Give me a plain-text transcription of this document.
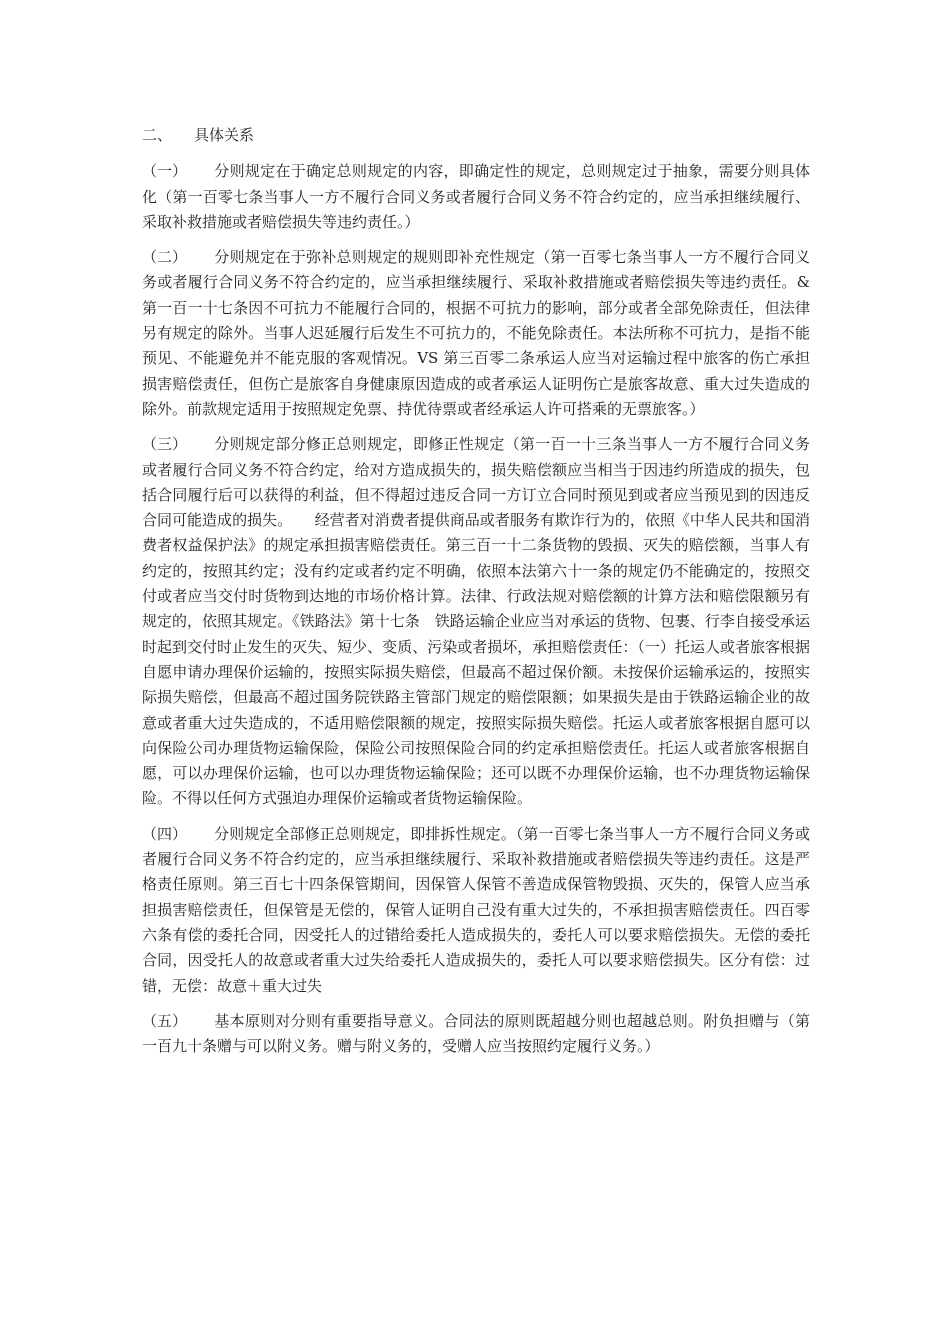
二、 具体关系

（一） 分则规定在于确定总则规定的内容，即确定性的规定，总则规定过于抽象，需要分则具体化（第一百零七条当事人一方不履行合同义务或者履行合同义务不符合约定的，应当承担继续履行、采取补救措施或者赔偿损失等违约责任。）

（二） 分则规定在于弥补总则规定的规则即补充性规定（第一百零七条当事人一方不履行合同义务或者履行合同义务不符合约定的，应当承担继续履行、采取补救措施或者赔偿损失等违约责任。&第一百一十七条因不可抗力不能履行合同的，根据不可抗力的影响，部分或者全部免除责任，但法律另有规定的除外。当事人迟延履行后发生不可抗力的，不能免除责任。本法所称不可抗力，是指不能预见、不能避免并不能克服的客观情况。VS 第三百零二条承运人应当对运输过程中旅客的伤亡承担损害赔偿责任，但伤亡是旅客自身健康原因造成的或者承运人证明伤亡是旅客故意、重大过失造成的除外。前款规定适用于按照规定免票、持优待票或者经承运人许可搭乘的无票旅客。）

（三） 分则规定部分修正总则规定，即修正性规定（第一百一十三条当事人一方不履行合同义务或者履行合同义务不符合约定，给对方造成损失的，损失赔偿额应当相当于因违约所造成的损失，包括合同履行后可以获得的利益，但不得超过违反合同一方订立合同时预见到或者应当预见到的因违反合同可能造成的损失。　　经营者对消费者提供商品或者服务有欺诈行为的，依照《中华人民共和国消费者权益保护法》的规定承担损害赔偿责任。第三百一十二条货物的毁损、灭失的赔偿额，当事人有约定的，按照其约定；没有约定或者约定不明确，依照本法第六十一条的规定仍不能确定的，按照交付或者应当交付时货物到达地的市场价格计算。法律、行政法规对赔偿额的计算方法和赔偿限额另有规定的，依照其规定。《铁路法》第十七条　铁路运输企业应当对承运的货物、包裹、行李自接受承运时起到交付时止发生的灭失、短少、变质、污染或者损坏，承担赔偿责任：（一）托运人或者旅客根据自愿申请办理保价运输的，按照实际损失赔偿，但最高不超过保价额。未按保价运输承运的，按照实际损失赔偿，但最高不超过国务院铁路主管部门规定的赔偿限额；如果损失是由于铁路运输企业的故意或者重大过失造成的，不适用赔偿限额的规定，按照实际损失赔偿。托运人或者旅客根据自愿可以向保险公司办理货物运输保险，保险公司按照保险合同的约定承担赔偿责任。托运人或者旅客根据自愿，可以办理保价运输，也可以办理货物运输保险；还可以既不办理保价运输，也不办理货物运输保险。不得以任何方式强迫办理保价运输或者货物运输保险。

（四） 分则规定全部修正总则规定，即排拆性规定。（第一百零七条当事人一方不履行合同义务或者履行合同义务不符合约定的，应当承担继续履行、采取补救措施或者赔偿损失等违约责任。这是严格责任原则。第三百七十四条保管期间，因保管人保管不善造成保管物毁损、灭失的，保管人应当承担损害赔偿责任，但保管是无偿的，保管人证明自己没有重大过失的，不承担损害赔偿责任。四百零六条有偿的委托合同，因受托人的过错给委托人造成损失的，委托人可以要求赔偿损失。无偿的委托合同，因受托人的故意或者重大过失给委托人造成损失的，委托人可以要求赔偿损失。区分有偿：过错，无偿：故意＋重大过失

（五） 基本原则对分则有重要指导意义。合同法的原则既超越分则也超越总则。附负担赠与（第一百九十条赠与可以附义务。赠与附义务的，受赠人应当按照约定履行义务。）
